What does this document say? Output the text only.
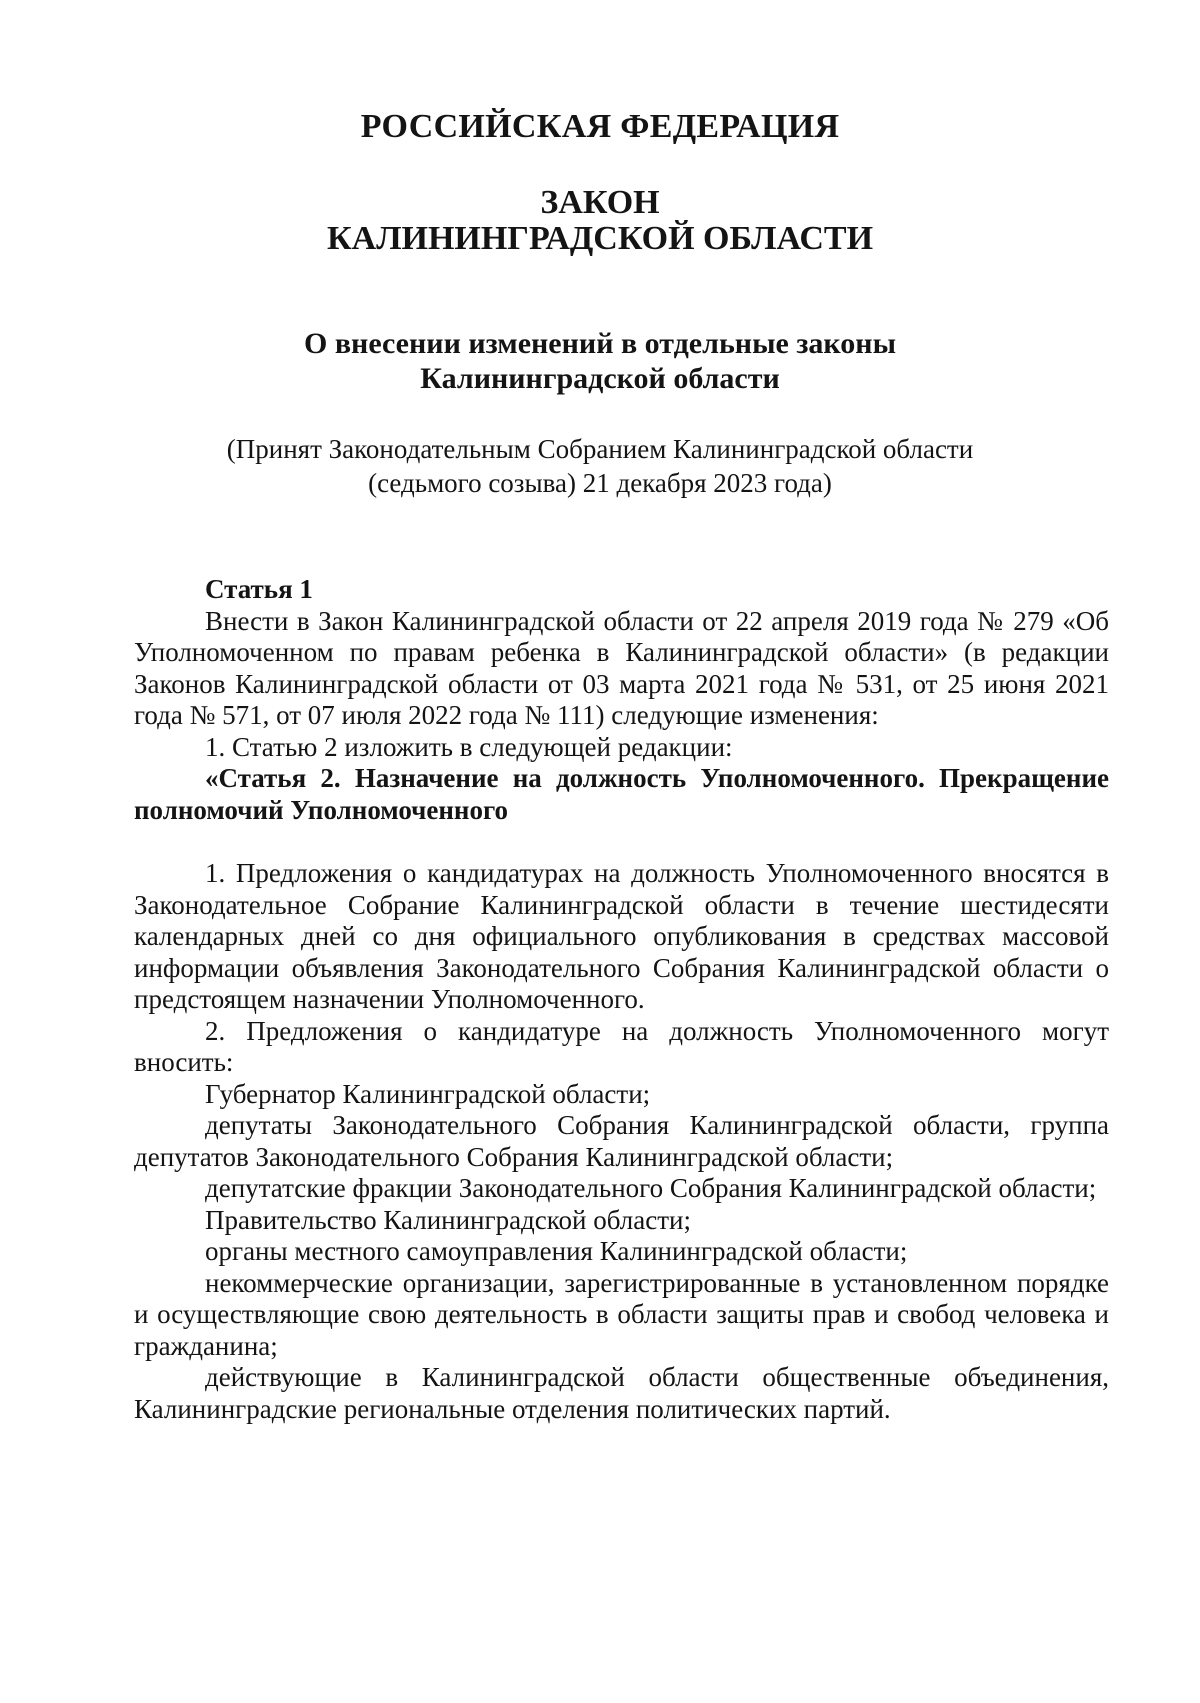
РОССИЙСКАЯ ФЕДЕРАЦИЯ
ЗАКОН
КАЛИНИНГРАДСКОЙ ОБЛАСТИ
О внесении изменений в отдельные законы
Калининградской области
(Принят Законодательным Собранием Калининградской области
(седьмого созыва) 21 декабря 2023 года)

Статья 1

Внести в Закон Калининградской области от 22 апреля 2019 года № 279 «Об Уполномоченном по правам ребенка в Калининградской области» (в редакции Законов Калининградской области от 03 марта 2021 года № 531, от 25 июня 2021 года № 571, от 07 июля 2022 года № 111) следующие изменения:

1. Статью 2 изложить в следующей редакции:

«Статья 2. Назначение на должность Уполномоченного. Прекращение полномочий Уполномоченного

1. Предложения о кандидатурах на должность Уполномоченного вносятся в Законодательное Собрание Калининградской области в течение шестидесяти календарных дней со дня официального опубликования в средствах массовой информации объявления Законодательного Собрания Калининградской области о предстоящем назначении Уполномоченного.

2. Предложения о кандидатуре на должность Уполномоченного могут вносить:

Губернатор Калининградской области;

депутаты Законодательного Собрания Калининградской области, группа депутатов Законодательного Собрания Калининградской области;

депутатские фракции Законодательного Собрания Калининградской области;

Правительство Калининградской области;

органы местного самоуправления Калининградской области;

некоммерческие организации, зарегистрированные в установленном порядке и осуществляющие свою деятельность в области защиты прав и свобод человека и гражданина;

действующие в Калининградской области общественные объединения, Калининградские региональные отделения политических партий.
